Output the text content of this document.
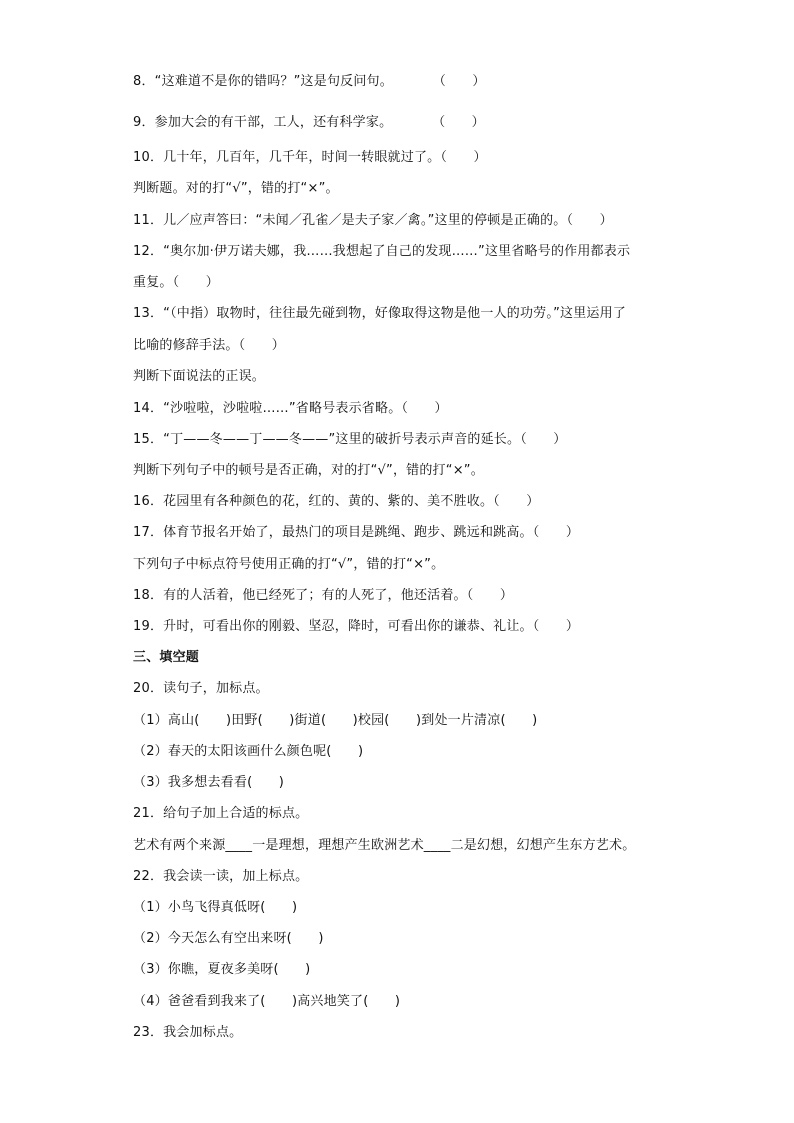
8．“这难道不是你的错吗？”这是句反问句。　　　　（　　）
9．参加大会的有干部，工人，还有科学家。　　　　（　　）
10．几十年，几百年，几千年，时间一转眼就过了。（　　）
判断题。对的打“√”，错的打“×”。
11．儿／应声答曰：“未闻／孔雀／是夫子家／禽。”这里的停顿是正确的。（　　）
12．“奥尔加·伊万诺夫娜，我……我想起了自己的发现……”这里省略号的作用都表示
重复。（　　）
13．“（中指）取物时，往往最先碰到物，好像取得这物是他一人的功劳。”这里运用了
比喻的修辞手法。（　　）
判断下面说法的正误。
14．“沙啦啦，沙啦啦……”省略号表示省略。（　　）
15．“丁——冬——丁——冬——”这里的破折号表示声音的延长。（　　）
判断下列句子中的顿号是否正确，对的打“√”，错的打“×”。
16．花园里有各种颜色的花，红的、黄的、紫的、美不胜收。（　　）
17．体育节报名开始了，最热门的项目是跳绳、跑步、跳远和跳高。（　　）
下列句子中标点符号使用正确的打“√”，错的打“×”。
18．有的人活着，他已经死了；有的人死了，他还活着。（　　）
19．升时，可看出你的刚毅、坚忍，降时，可看出你的谦恭、礼让。（　　）
三、填空题
20．读句子，加标点。
（1）高山(　　)田野(　　)街道(　　)校园(　　)到处一片清凉(　　)
（2）春天的太阳该画什么颜色呢(　　)
（3）我多想去看看(　　)
21．给句子加上合适的标点。
艺术有两个来源____一是理想，理想产生欧洲艺术____二是幻想，幻想产生东方艺术。
22．我会读一读，加上标点。
（1）小鸟飞得真低呀(　　)
（2）今天怎么有空出来呀(　　)
（3）你瞧，夏夜多美呀(　　)
（4）爸爸看到我来了(　　)高兴地笑了(　　)
23．我会加标点。
